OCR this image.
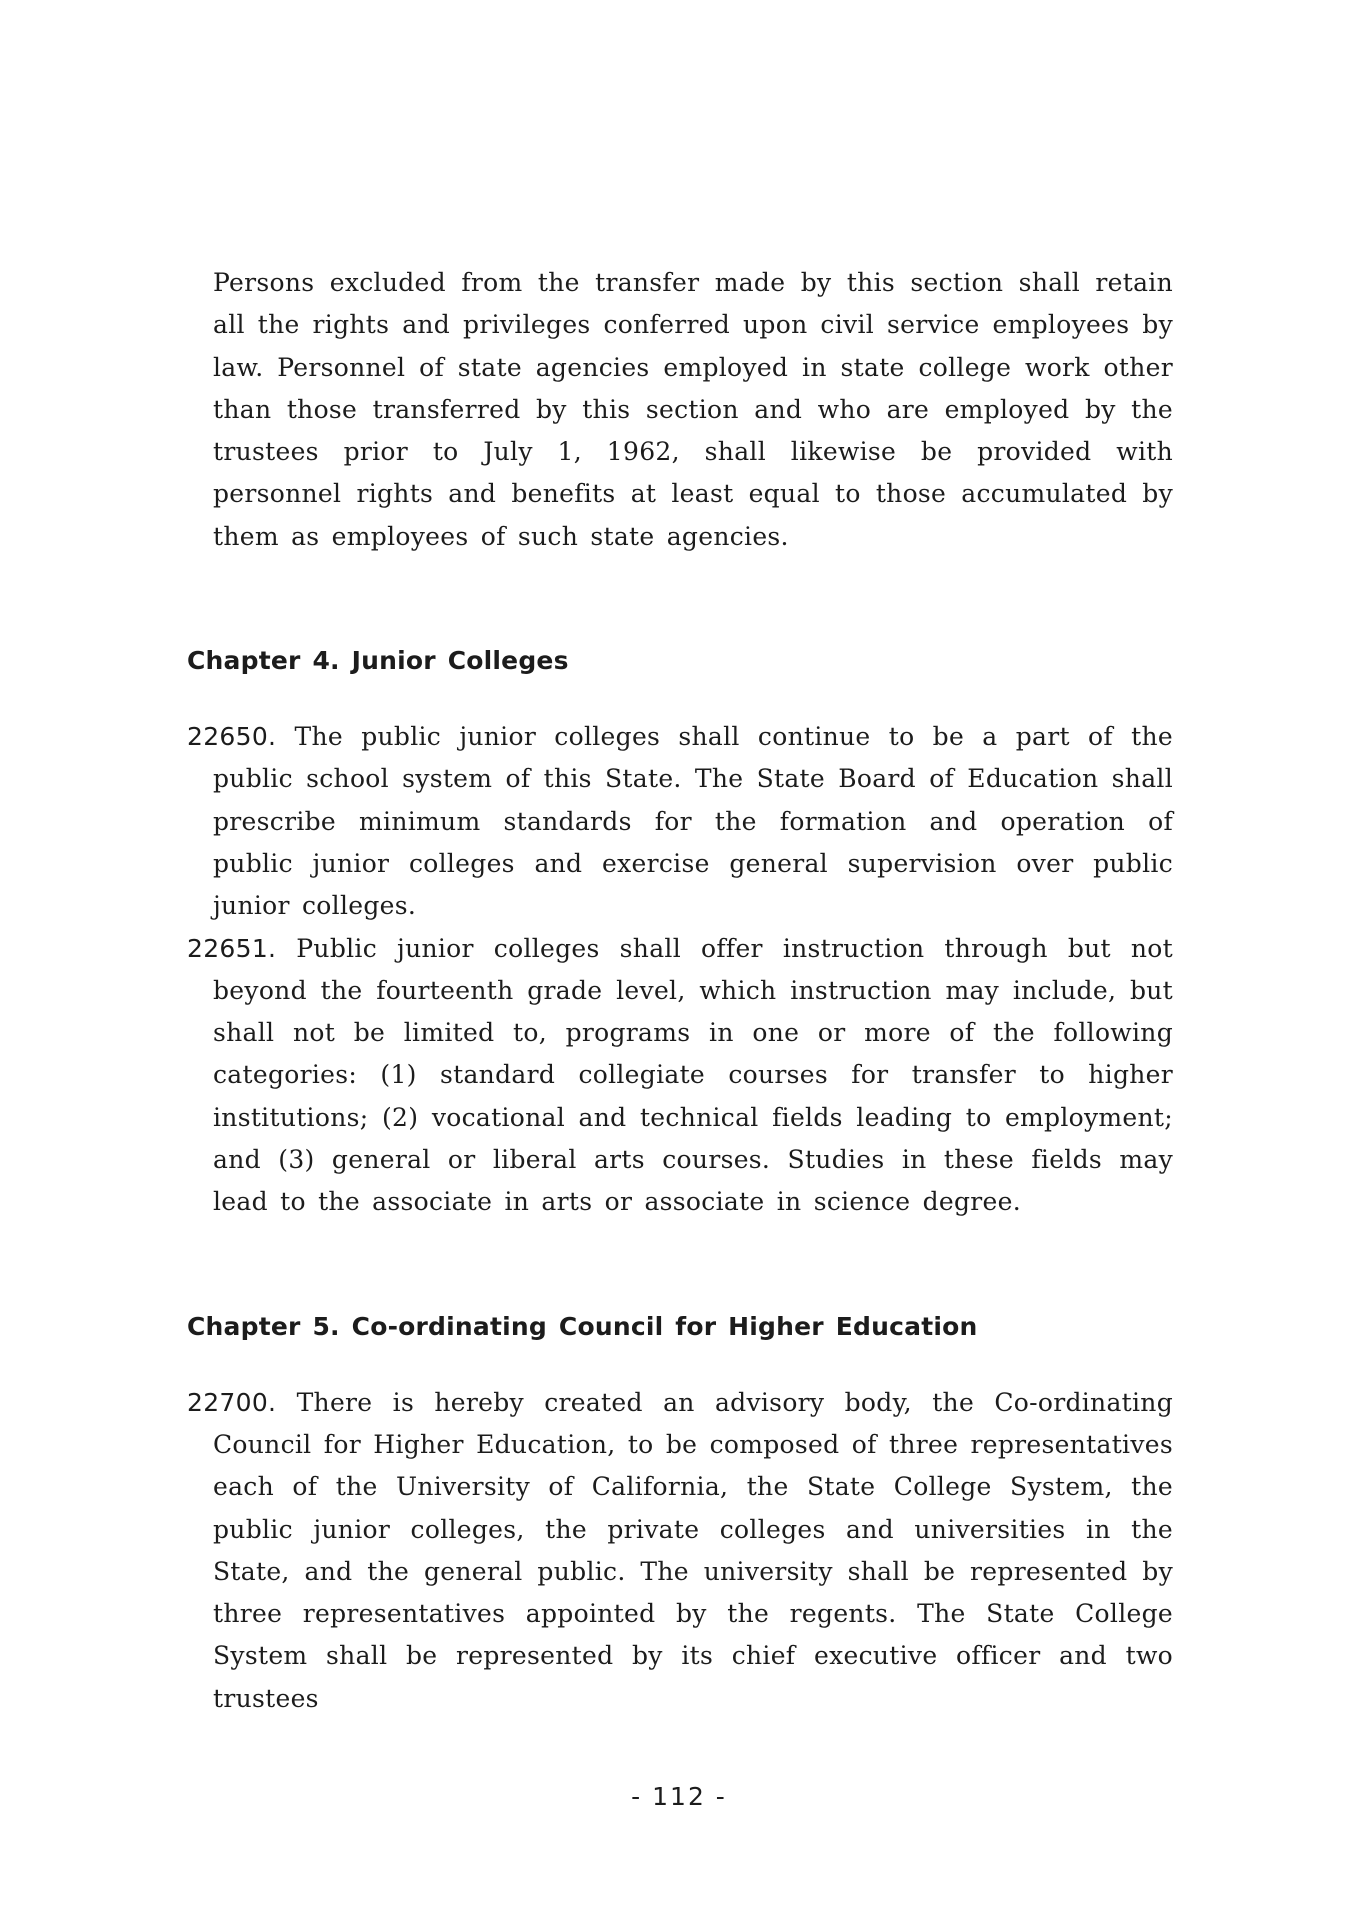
Persons excluded from the transfer made by this section shall retain all the rights and privileges conferred upon civil service employees by law. Personnel of state agencies employed in state college work other than those transferred by this section and who are employed by the trustees prior to July 1, 1962, shall likewise be provided with personnel rights and benefits at least equal to those accumulated by them as employees of such state agencies.

Chapter 4. Junior Colleges

22650. The public junior colleges shall continue to be a part of the public school system of this State. The State Board of Education shall prescribe minimum standards for the formation and operation of public junior colleges and exercise general supervision over public junior colleges.

22651. Public junior colleges shall offer instruction through but not beyond the fourteenth grade level, which instruction may include, but shall not be limited to, programs in one or more of the following categories: (1) standard collegiate courses for transfer to higher institutions; (2) vocational and technical fields leading to employment; and (3) general or liberal arts courses. Studies in these fields may lead to the associate in arts or associate in science degree.

Chapter 5. Co-ordinating Council for Higher Education

22700. There is hereby created an advisory body, the Co-ordinating Council for Higher Education, to be composed of three representatives each of the University of California, the State College System, the public junior colleges, the private colleges and universities in the State, and the general public. The university shall be represented by three representatives appointed by the regents. The State College System shall be represented by its chief executive officer and two trustees

- 112 -
